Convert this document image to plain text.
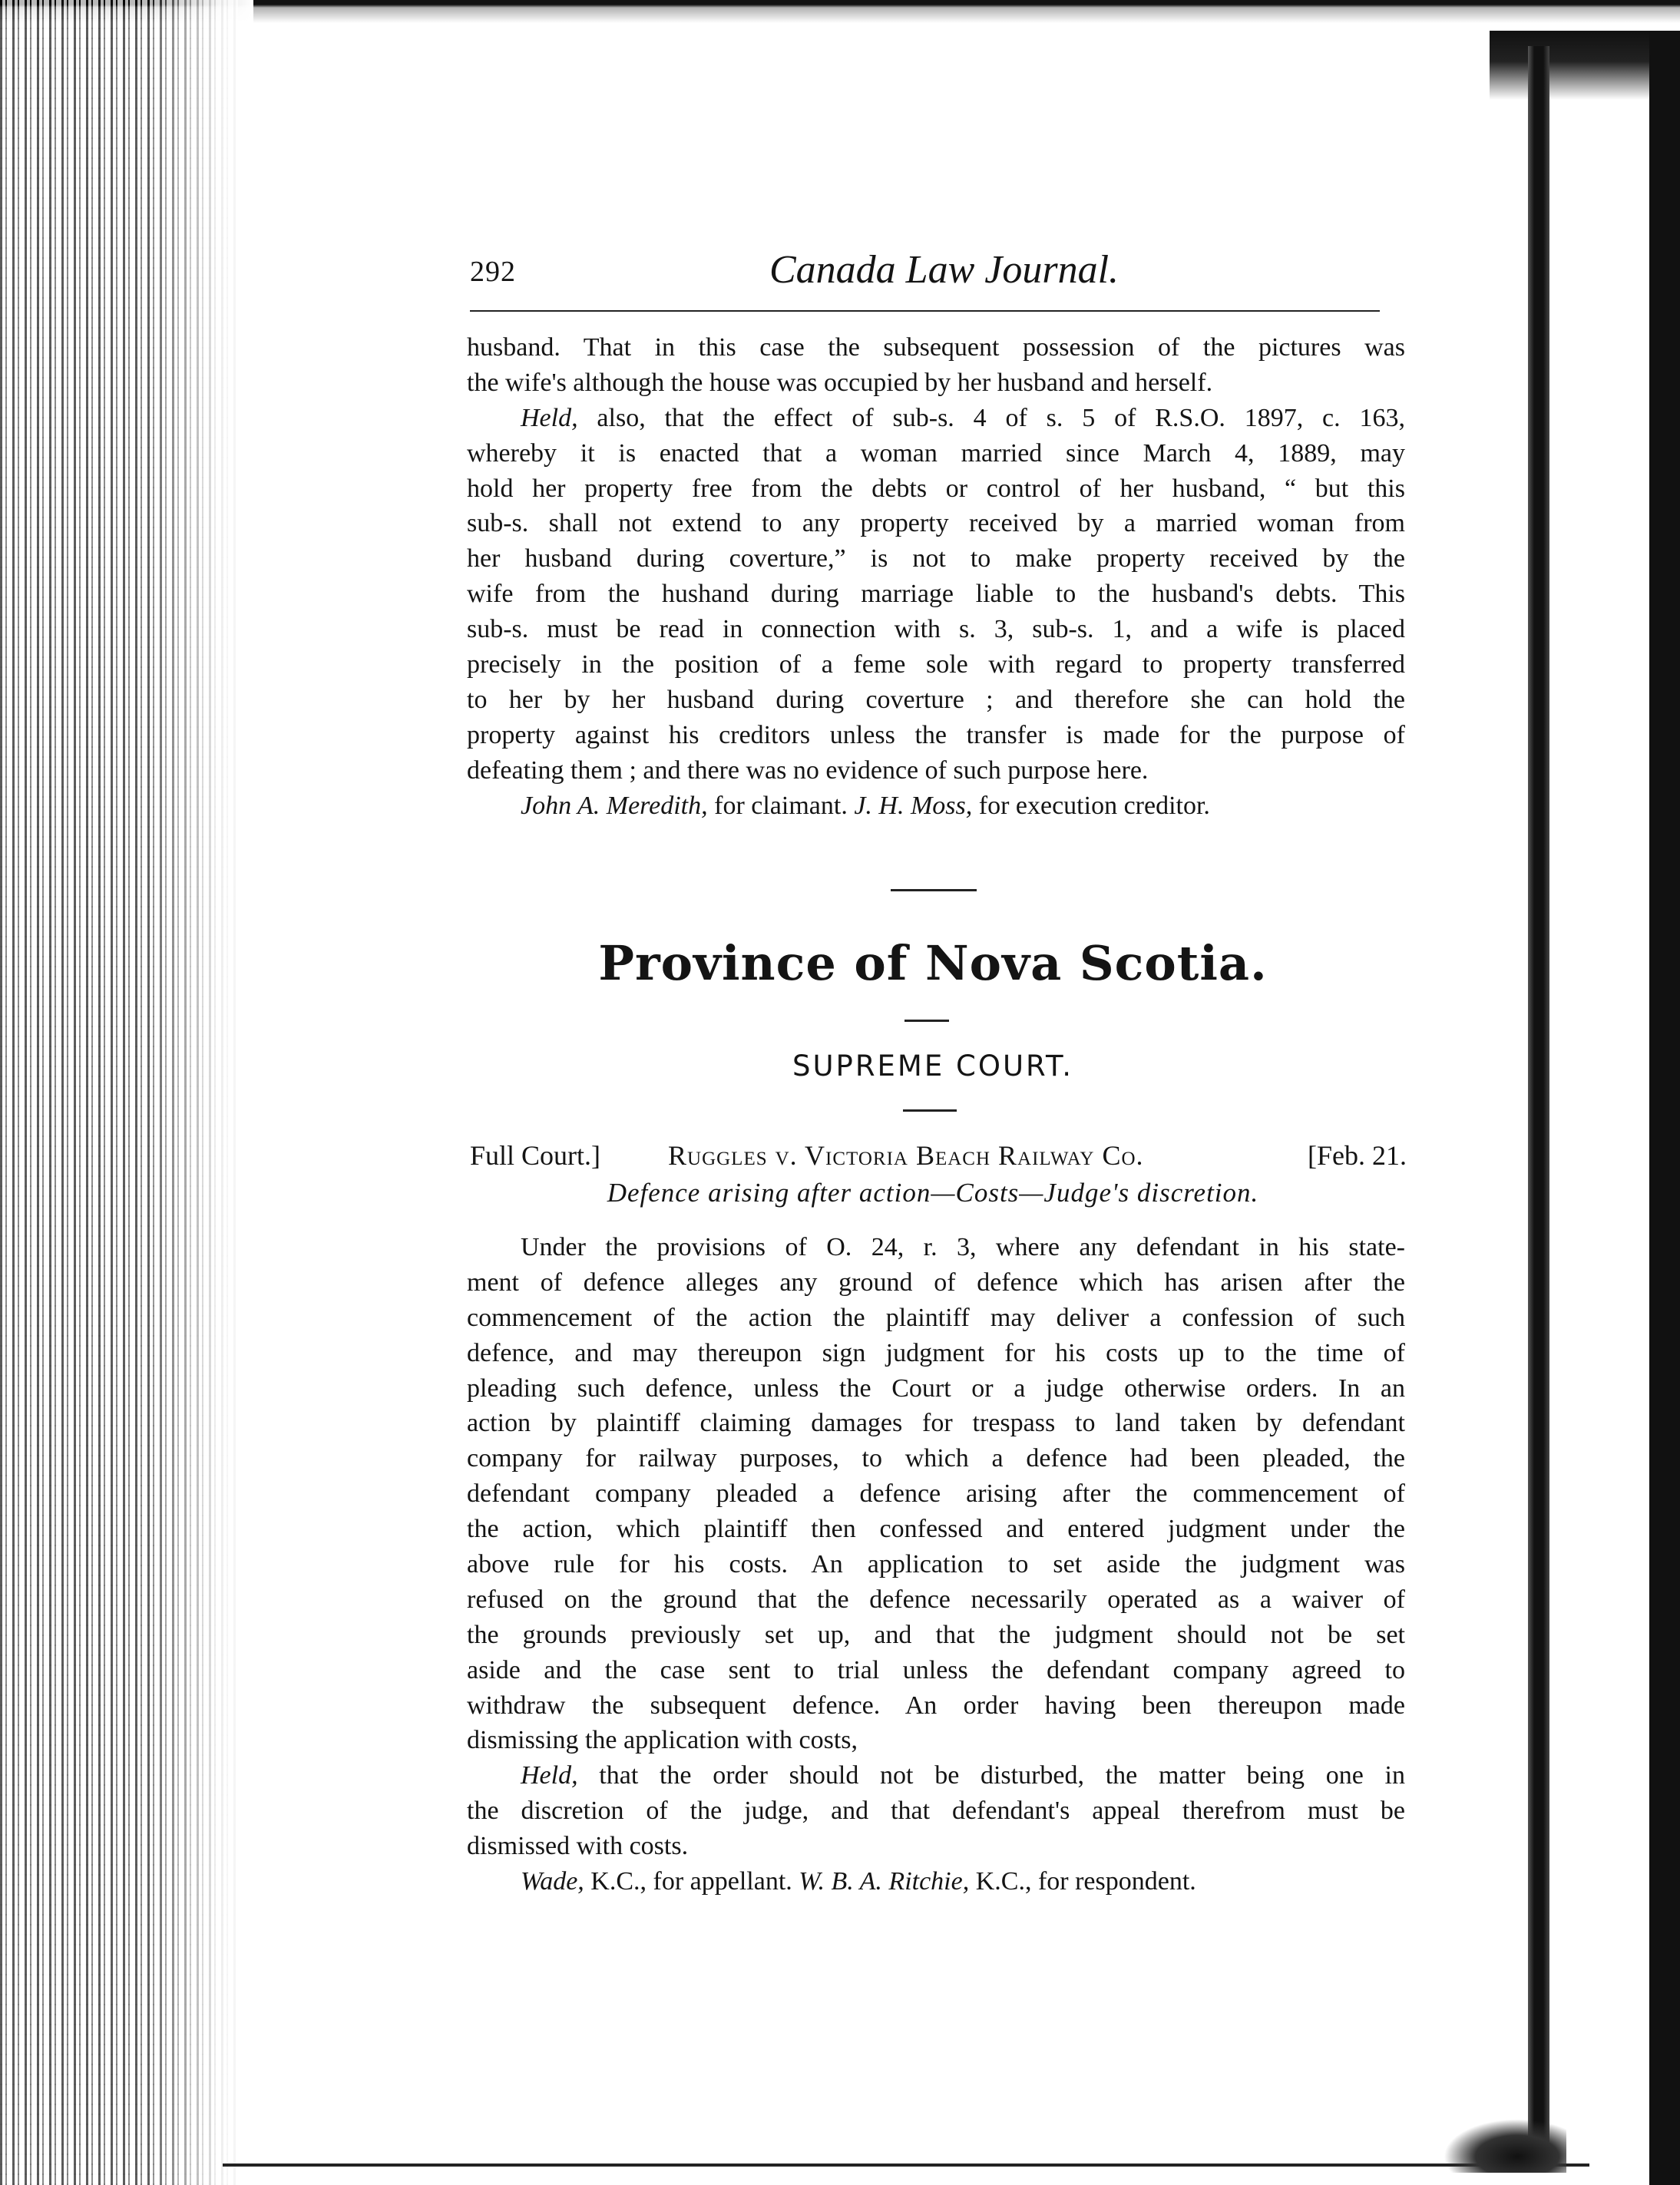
292	Canada Law Journal.
husband. That in this case the subsequent possession of the pictures was
the wife's although the house was occupied by her husband and herself.
Held, also, that the effect of sub-s. 4 of s. 5 of R.S.O. 1897, c. 163,
whereby it is enacted that a woman married since March 4, 1889, may
hold her property free from the debts or control of her husband, “ but this
sub-s. shall not extend to any property received by a married woman from
her husband during coverture,” is not to make property received by the
wife from the hushand during marriage liable to the husband's debts. This
sub-s. must be read in connection with s. 3, sub-s. 1, and a wife is placed
precisely in the position of a feme sole with regard to property transferred
to her by her husband during coverture ; and therefore she can hold the
property against his creditors unless the transfer is made for the purpose of
defeating them ; and there was no evidence of such purpose here.
John A. Meredith, for claimant. J. H. Moss, for execution creditor.
Province of Nova Scotia.
SUPREME COURT.
Full Court.] Ruggles v. Victoria Beach Railway Co.	[Feb. 21.
Defence arising after action—Costs—Judge's discretion.
Under the provisions of O. 24, r. 3, where any defendant in his state-
ment of defence alleges any ground of defence which has arisen after the
commencement of the action the plaintiff may deliver a confession of such
defence, and may thereupon sign judgment for his costs up to the time of
pleading such defence, unless the Court or a judge otherwise orders. In an
action by plaintiff claiming damages for trespass to land taken by defendant
company for railway purposes, to which a defence had been pleaded, the
defendant company pleaded a defence arising after the commencement of
the action, which plaintiff then confessed and entered judgment under the
above rule for his costs. An application to set aside the judgment was
refused on the ground that the defence necessarily operated as a waiver of
the grounds previously set up, and that the judgment should not be set
aside and the case sent to trial unless the defendant company agreed to
withdraw the subsequent defence. An order having been thereupon made
dismissing the application with costs,
Held, that the order should not be disturbed, the matter being one in
the discretion of the judge, and that defendant's appeal therefrom must be
dismissed with costs.
Wade, K.C., for appellant. W. B. A. Ritchie, K.C., for respondent.
